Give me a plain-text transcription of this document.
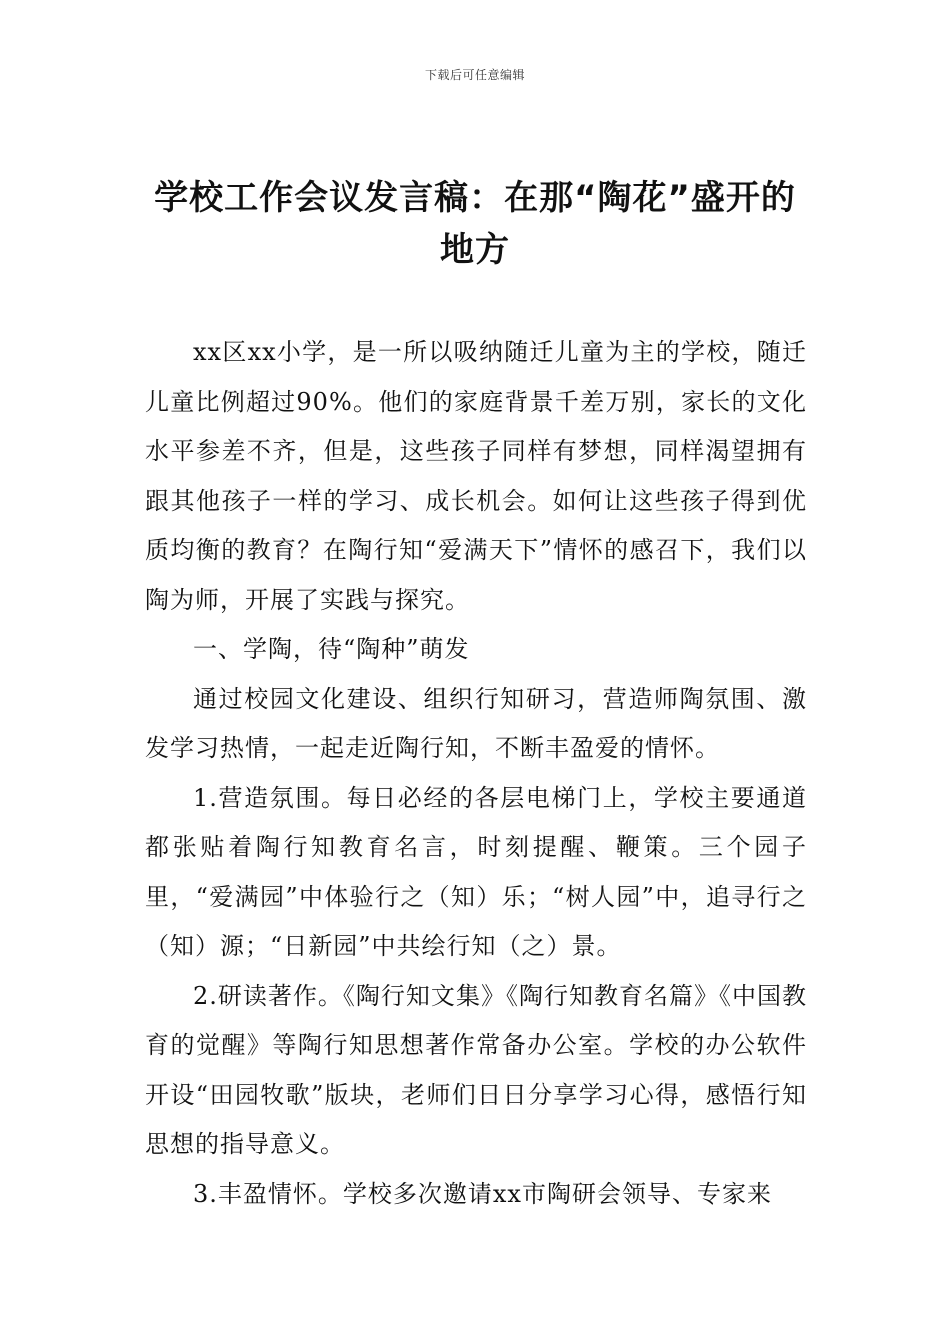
下载后可任意编辑
学校工作会议发言稿：在那“陶花”盛开的地方

xx区xx小学，是一所以吸纳随迁儿童为主的学校，随迁儿童比例超过90%。他们的家庭背景千差万别，家长的文化水平参差不齐，但是，这些孩子同样有梦想，同样渴望拥有跟其他孩子一样的学习、成长机会。如何让这些孩子得到优质均衡的教育？在陶行知“爱满天下”情怀的感召下，我们以陶为师，开展了实践与探究。

一、学陶，待“陶种”萌发

通过校园文化建设、组织行知研习，营造师陶氛围、激发学习热情，一起走近陶行知，不断丰盈爱的情怀。

1.营造氛围。每日必经的各层电梯门上，学校主要通道都张贴着陶行知教育名言，时刻提醒、鞭策。三个园子里，“爱满园”中体验行之（知）乐；“树人园”中，追寻行之（知）源；“日新园”中共绘行知（之）景。

2.研读著作。《陶行知文集》《陶行知教育名篇》《中国教育的觉醒》等陶行知思想著作常备办公室。学校的办公软件开设“田园牧歌”版块，老师们日日分享学习心得，感悟行知思想的指导意义。

3.丰盈情怀。学校多次邀请xx市陶研会领导、专家来
